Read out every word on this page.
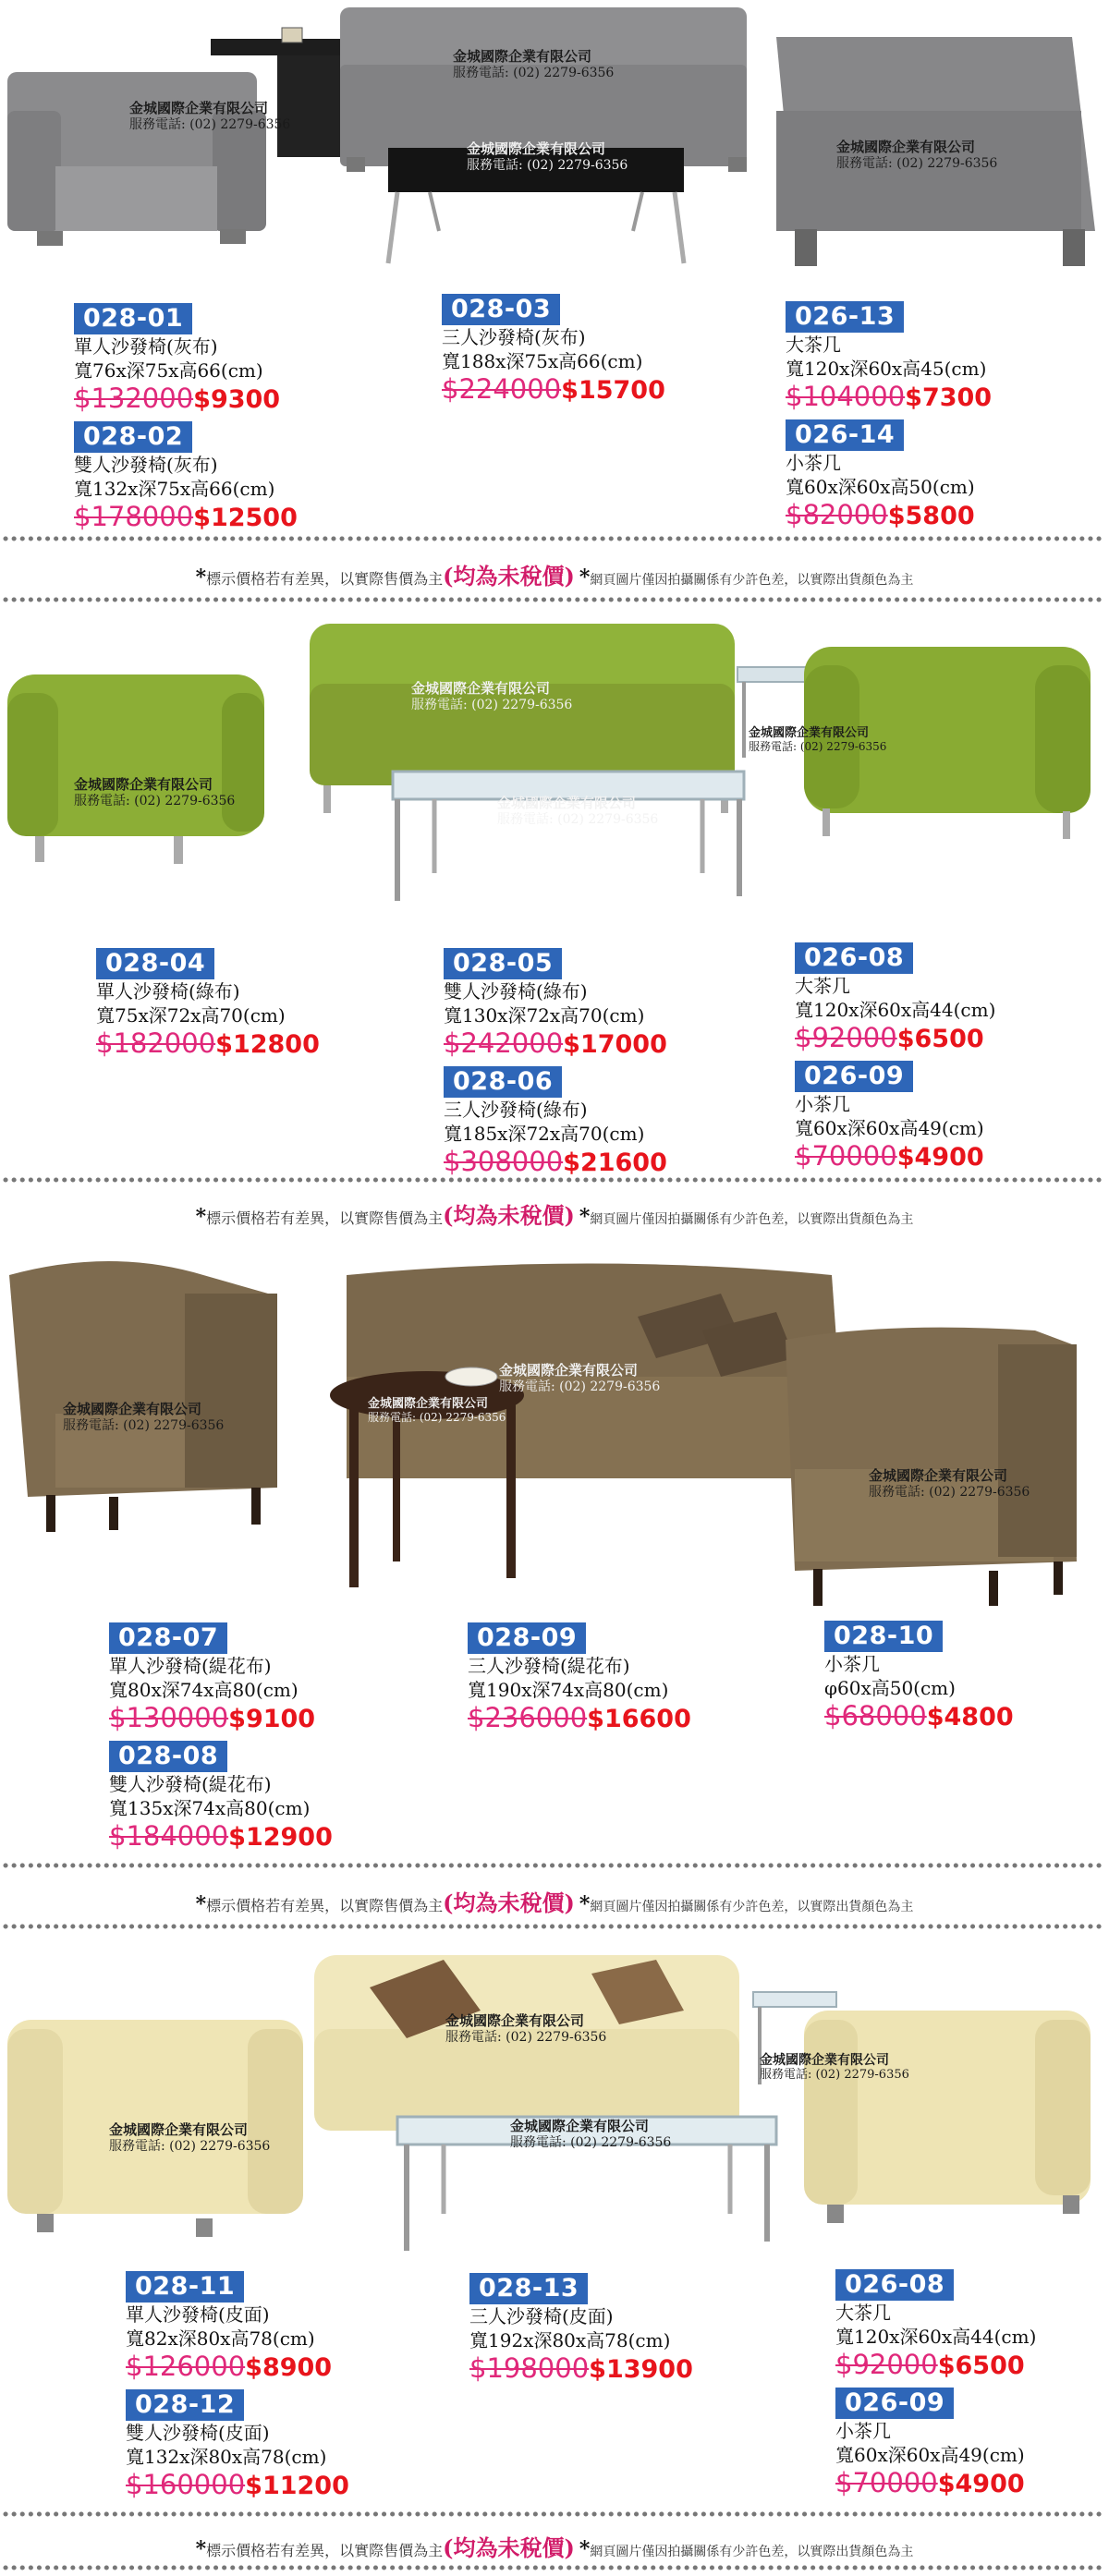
金城國際企業有限公司
服務電話: (02) 2279-6356
金城國際企業有限公司
服務電話: (02) 2279-6356
金城國際企業有限公司
服務電話: (02) 2279-6356
金城國際企業有限公司
服務電話: (02) 2279-6356
028-01
單人沙發椅(灰布)
寬76x深75x高66(cm)
$132000$9300
028-02
雙人沙發椅(灰布)
寬132x深75x高66(cm)
$178000$12500
028-03
三人沙發椅(灰布)
寬188x深75x高66(cm)
$224000$15700
026-13
大茶几
寬120x深60x高45(cm)
$104000$7300
026-14
小茶几
寬60x深60x高50(cm)
$82000$5800
*標示價格若有差異，以實際售價為主(均為未稅價) *網頁圖片僅因拍攝關係有少許色差，以實際出貨顏色為主
金城國際企業有限公司
服務電話: (02) 2279-6356
金城國際企業有限公司
服務電話: (02) 2279-6356
金城國際企業有限公司
服務電話: (02) 2279-6356
金城國際企業有限公司
服務電話: (02) 2279-6356
028-04
單人沙發椅(綠布)
寬75x深72x高70(cm)
$182000$12800
028-05
雙人沙發椅(綠布)
寬130x深72x高70(cm)
$242000$17000
028-06
三人沙發椅(綠布)
寬185x深72x高70(cm)
$308000$21600
026-08
大茶几
寬120x深60x高44(cm)
$92000$6500
026-09
小茶几
寬60x深60x高49(cm)
$70000$4900
*標示價格若有差異，以實際售價為主(均為未稅價) *網頁圖片僅因拍攝關係有少許色差，以實際出貨顏色為主
金城國際企業有限公司
服務電話: (02) 2279-6356
金城國際企業有限公司
服務電話: (02) 2279-6356
金城國際企業有限公司
服務電話: (02) 2279-6356
金城國際企業有限公司
服務電話: (02) 2279-6356
028-07
單人沙發椅(緹花布)
寬80x深74x高80(cm)
$130000$9100
028-08
雙人沙發椅(緹花布)
寬135x深74x高80(cm)
$184000$12900
028-09
三人沙發椅(緹花布)
寬190x深74x高80(cm)
$236000$16600
028-10
小茶几
φ60x高50(cm)
$68000$4800
*標示價格若有差異，以實際售價為主(均為未稅價) *網頁圖片僅因拍攝關係有少許色差，以實際出貨顏色為主
金城國際企業有限公司
服務電話: (02) 2279-6356
金城國際企業有限公司
服務電話: (02) 2279-6356
金城國際企業有限公司
服務電話: (02) 2279-6356
金城國際企業有限公司
服務電話: (02) 2279-6356
028-11
單人沙發椅(皮面)
寬82x深80x高78(cm)
$126000$8900
028-12
雙人沙發椅(皮面)
寬132x深80x高78(cm)
$160000$11200
028-13
三人沙發椅(皮面)
寬192x深80x高78(cm)
$198000$13900
026-08
大茶几
寬120x深60x高44(cm)
$92000$6500
026-09
小茶几
寬60x深60x高49(cm)
$70000$4900
*標示價格若有差異，以實際售價為主(均為未稅價) *網頁圖片僅因拍攝關係有少許色差，以實際出貨顏色為主
